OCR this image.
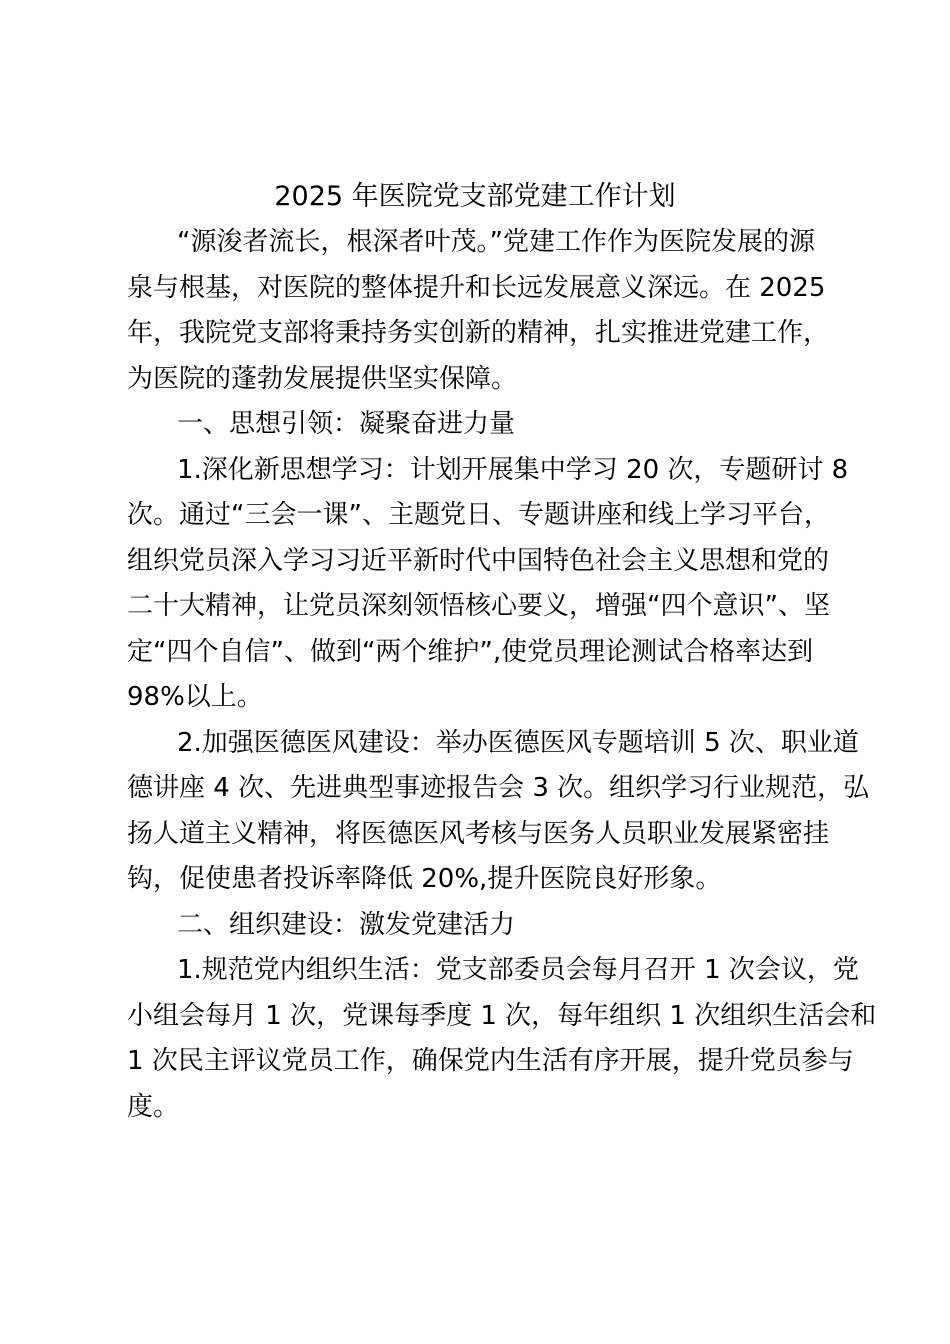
2025 年医院党支部党建工作计划
“源浚者流长，根深者叶茂。”党建工作作为医院发展的源
泉与根基，对医院的整体提升和长远发展意义深远。在 2025
年，我院党支部将秉持务实创新的精神，扎实推进党建工作，
为医院的蓬勃发展提供坚实保障。
一、思想引领：凝聚奋进力量
1.深化新思想学习：计划开展集中学习 20 次，专题研讨 8
次。通过“三会一课”、主题党日、专题讲座和线上学习平台，
组织党员深入学习习近平新时代中国特色社会主义思想和党的
二十大精神，让党员深刻领悟核心要义，增强“四个意识”、坚
定“四个自信”、做到“两个维护”,使党员理论测试合格率达到
98%以上。
2.加强医德医风建设：举办医德医风专题培训 5 次、职业道
德讲座 4 次、先进典型事迹报告会 3 次。组织学习行业规范，弘
扬人道主义精神，将医德医风考核与医务人员职业发展紧密挂
钩，促使患者投诉率降低 20%,提升医院良好形象。
二、组织建设：激发党建活力
1.规范党内组织生活：党支部委员会每月召开 1 次会议，党
小组会每月 1 次，党课每季度 1 次，每年组织 1 次组织生活会和
1 次民主评议党员工作，确保党内生活有序开展，提升党员参与
度。
